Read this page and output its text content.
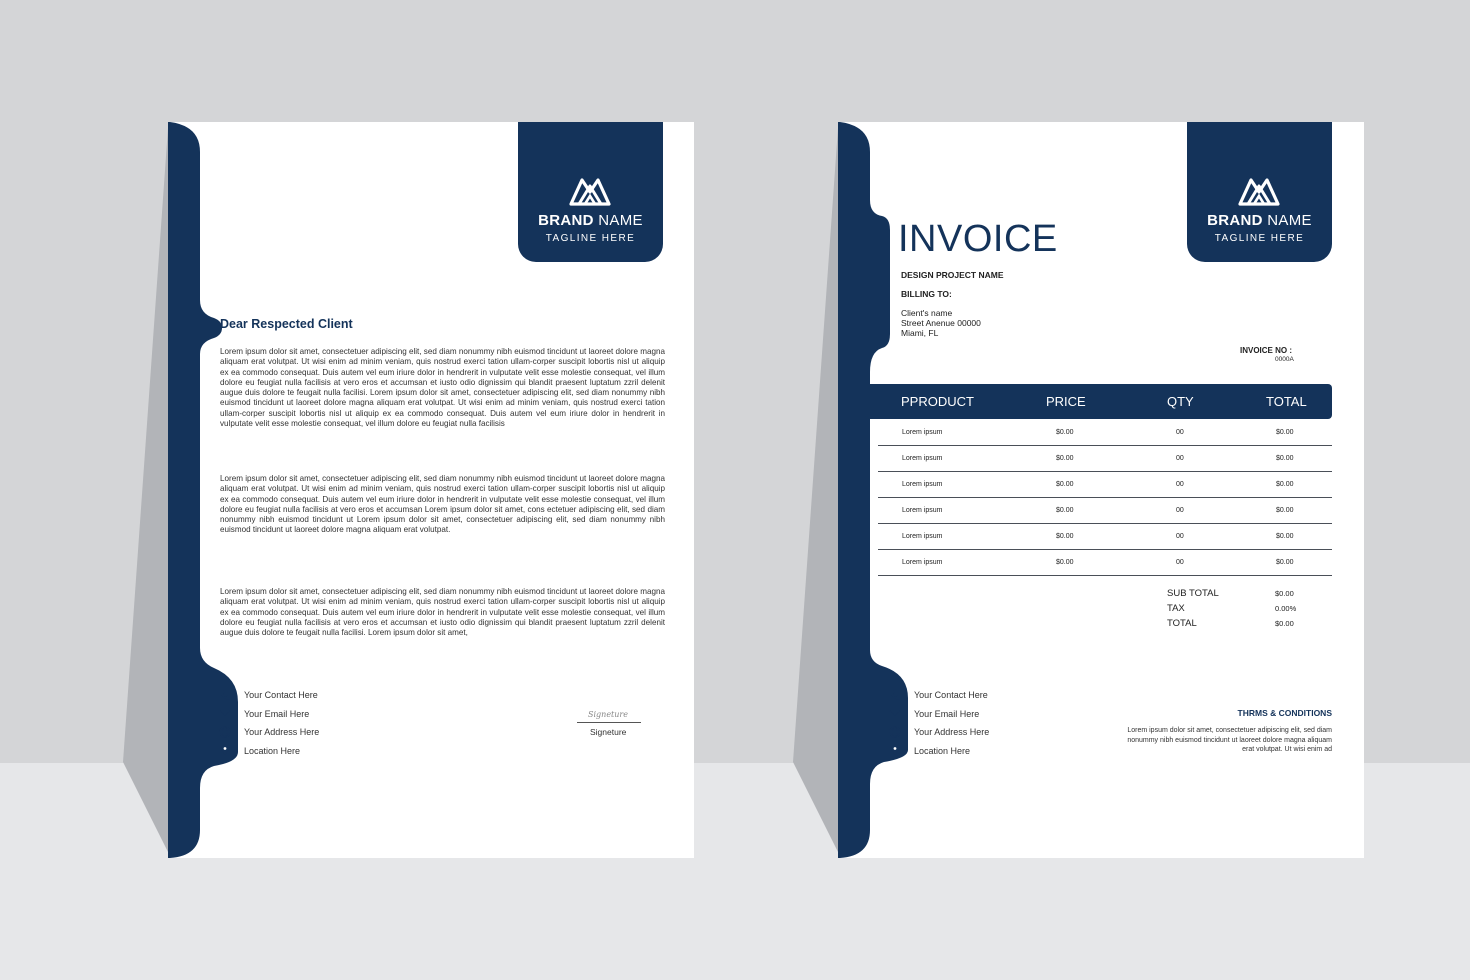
BRAND NAME
TAGLINE HERE
Dear Respected Client

Lorem ipsum dolor sit amet, consectetuer adipiscing elit, sed diam nonummy nibh euismod tincidunt ut laoreet dolore magna aliquam erat volutpat. Ut wisi enim ad minim veniam, quis nostrud exerci tation ullam-corper suscipit lobortis nisl ut aliquip ex ea commodo consequat. Duis autem vel eum iriure dolor in hendrerit in vulputate velit esse molestie consequat, vel illum dolore eu feugiat nulla facilisis at vero eros et accumsan et iusto odio dignissim qui blandit praesent luptatum zzril delenit augue duis dolore te feugait nulla facilisi. Lorem ipsum dolor sit amet, consectetuer adipiscing elit, sed diam nonummy nibh euismod tincidunt ut laoreet dolore magna aliquam erat volutpat. Ut wisi enim ad minim veniam, quis nostrud exerci tation ullam-corper suscipit lobortis nisl ut aliquip ex ea commodo consequat. Duis autem vel eum iriure dolor in hendrerit in vulputate velit esse molestie consequat, vel illum dolore eu feugiat nulla facilisis

Lorem ipsum dolor sit amet, consectetuer adipiscing elit, sed diam nonummy nibh euismod tincidunt ut laoreet dolore magna aliquam erat volutpat. Ut wisi enim ad minim veniam, quis nostrud exerci tation ullam-corper suscipit lobortis nisl ut aliquip ex ea commodo consequat. Duis autem vel eum iriure dolor in hendrerit in vulputate velit esse molestie consequat, vel illum dolore eu feugiat nulla facilisis at vero eros et accumsan Lorem ipsum dolor sit amet, cons ectetuer adipiscing elit, sed diam nonummy nibh euismod tincidunt ut Lorem ipsum dolor sit amet, consectetuer adipiscing elit, sed diam nonummy nibh euismod tincidunt ut laoreet dolore magna aliquam erat volutpat.

Lorem ipsum dolor sit amet, consectetuer adipiscing elit, sed diam nonummy nibh euismod tincidunt ut laoreet dolore magna aliquam erat volutpat. Ut wisi enim ad minim veniam, quis nostrud exerci tation ullam-corper suscipit lobortis nisl ut aliquip ex ea commodo consequat. Duis autem vel eum iriure dolor in hendrerit in vulputate velit esse molestie consequat, vel illum dolore eu feugiat nulla facilisis at vero eros et accumsan et iusto odio dignissim qui blandit praesent luptatum zzril delenit augue duis dolore te feugait nulla facilisi. Lorem ipsum dolor sit amet,

Your Contact Here
Your Email Here
Your Address Here
Location Here
Signeture
Signeture
BRAND NAME
TAGLINE HERE
INVOICE
DESIGN PROJECT NAME
BILLING TO:
Client's name
Street Anenue 00000
Miami, FL
INVOICE NO :
0000A
PPRODUCT	PRICE	QTY	TOTAL
Lorem ipsum	$0.00	00	$0.00
Lorem ipsum	$0.00	00	$0.00
Lorem ipsum	$0.00	00	$0.00
Lorem ipsum	$0.00	00	$0.00
Lorem ipsum	$0.00	00	$0.00
Lorem ipsum	$0.00	00	$0.00
SUB TOTAL	$0.00
TAX	0.00%
TOTAL	$0.00
Your Contact Here
Your Email Here
Your Address Here
Location Here
THRMS & CONDITIONS
Lorem ipsum dolor sit amet, consectetuer adipiscing elit, sed diam
nonummy nibh euismod tincidunt ut laoreet dolore magna aliquam
erat volutpat. Ut wisi enim ad
